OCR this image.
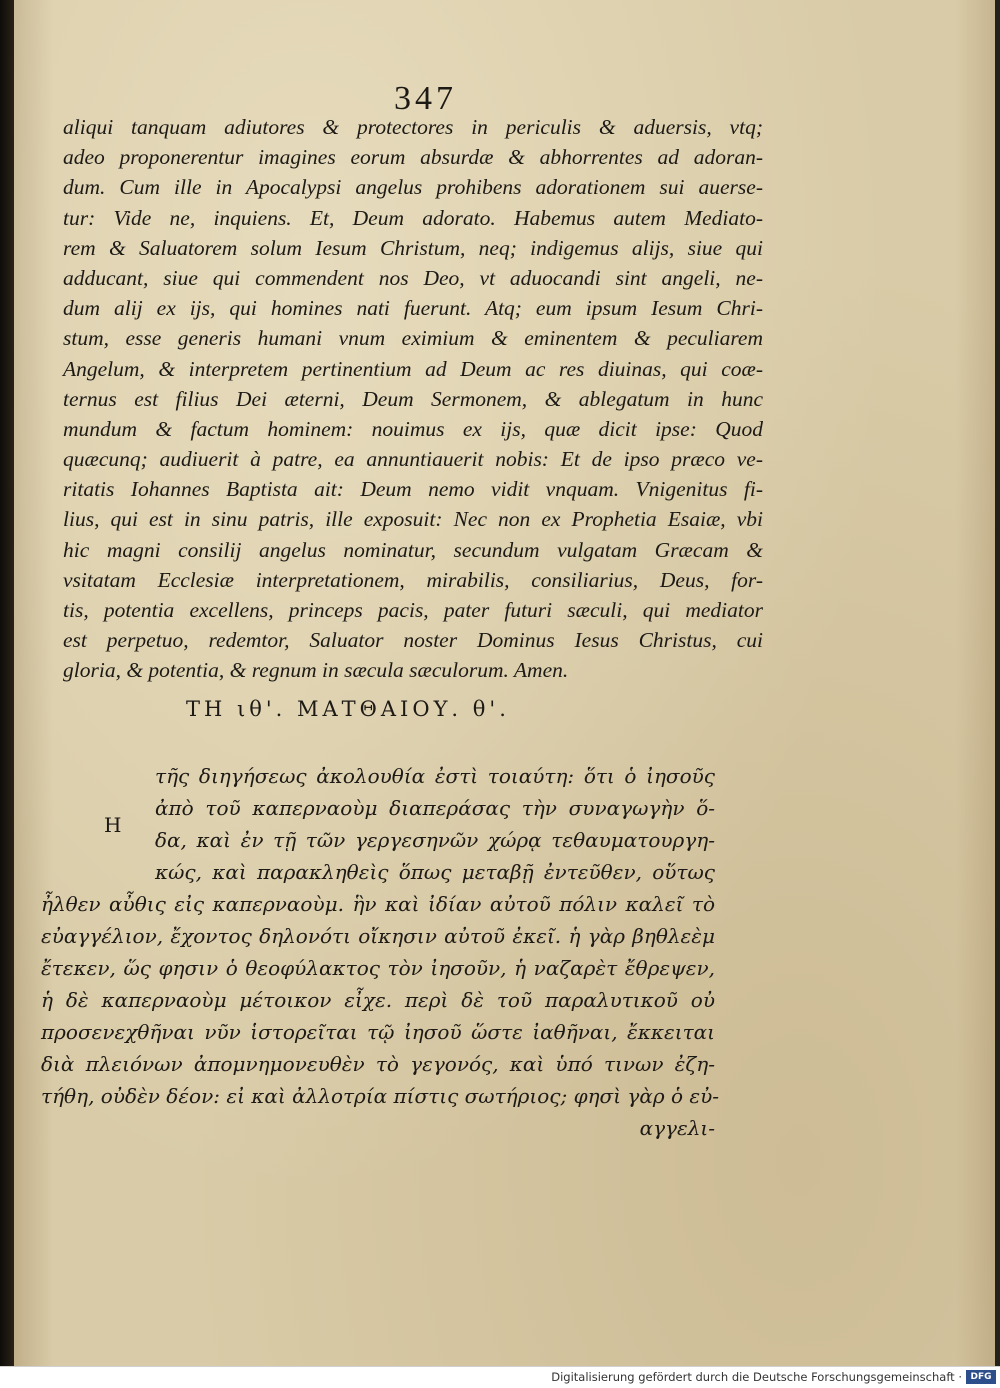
347
aliqui tanquam adiutores & protectores in periculis & aduersis, vtq;
adeo proponerentur imagines eorum absurdæ & abhorrentes ad adoran-
dum. Cum ille in Apocalypsi angelus prohibens adorationem sui auerse-
tur: Vide ne, inquiens. Et, Deum adorato. Habemus autem Mediato-
rem & Saluatorem solum Iesum Christum, neq; indigemus alijs, siue qui
adducant, siue qui commendent nos Deo, vt aduocandi sint angeli, ne-
dum alij ex ijs, qui homines nati fuerunt. Atq; eum ipsum Iesum Chri-
stum, esse generis humani vnum eximium & eminentem & peculiarem
Angelum, & interpretem pertinentium ad Deum ac res diuinas, qui coæ-
ternus est filius Dei æterni, Deum Sermonem, & ablegatum in hunc
mundum & factum hominem: nouimus ex ijs, quæ dicit ipse: Quod
quæcunq; audiuerit à patre, ea annuntiauerit nobis: Et de ipso præco ve-
ritatis Iohannes Baptista ait: Deum nemo vidit vnquam. Vnigenitus fi-
lius, qui est in sinu patris, ille exposuit: Nec non ex Prophetia Esaiæ, vbi
hic magni consilij angelus nominatur, secundum vulgatam Græcam &
vsitatam Ecclesiæ interpretationem, mirabilis, consiliarius, Deus, for-
tis, potentia excellens, princeps pacis, pater futuri sæculi, qui mediator
est perpetuo, redemtor, Saluator noster Dominus Iesus Christus, cui
gloria, & potentia, & regnum in sæcula sæculorum. Amen.
ΤΗ ιθ'. ΜΑΤΘΑΙΟΥ. θ'.
Η
τῆς διηγήσεως ἀκολουθία ἐστὶ τοιαύτη: ὅτι ὁ ἰησοῦς
ἀπὸ τοῦ καπερναοὺμ διαπεράσας τὴν συναγωγὴν ὅ-
δα, καὶ ἐν τῇ τῶν γεργεσηνῶν χώρᾳ τεθαυματουργη-
κώς, καὶ παρακληθεὶς ὅπως μεταβῇ ἐντεῦθεν, οὕτως
ἦλθεν αὖθις εἰς καπερναοὺμ. ἣν καὶ ἰδίαν αὐτοῦ πόλιν καλεῖ τὸ
εὐαγγέλιον, ἔχοντος δηλονότι οἴκησιν αὐτοῦ ἐκεῖ. ἡ γὰρ βηθλεὲμ
ἔτεκεν, ὥς φησιν ὁ θεοφύλακτος τὸν ἰησοῦν, ἡ ναζαρὲτ ἔθρεψεν,
ἡ δὲ καπερναοὺμ μέτοικον εἶχε. περὶ δὲ τοῦ παραλυτικοῦ οὐ
προσενεχθῆναι νῦν ἱστορεῖται τῷ ἰησοῦ ὥστε ἰαθῆναι, ἔκκειται
διὰ πλειόνων ἀπομνημονευθὲν τὸ γεγονός, καὶ ὑπό τινων ἐζη-
τήθη, οὐδὲν δέον: εἰ καὶ ἀλλοτρία πίστις σωτήριος; φησὶ γὰρ ὁ εὐ-
αγγελι-
Digitalisierung gefördert durch die Deutsche Forschungsgemeinschaft · DFG
